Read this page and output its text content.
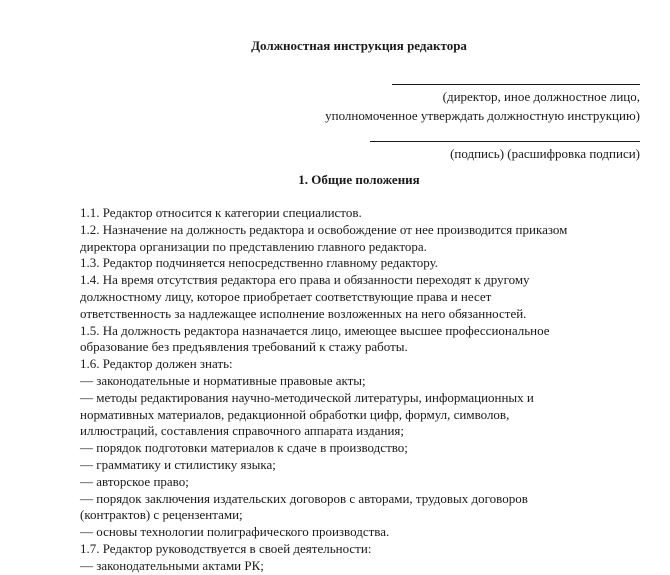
Должностная инструкция редактора
(директор, иное должностное лицо,
уполномоченное утверждать должностную инструкцию)
(подпись) (расшифровка подписи)
1. Общие положения
1.1. Редактор относится к категории специалистов.
1.2. Назначение на должность редактора и освобождение от нее производится приказом
директора организации по представлению главного редактора.
1.3. Редактор подчиняется непосредственно главному редактору.
1.4. На время отсутствия редактора его права и обязанности переходят к другому
должностному лицу, которое приобретает соответствующие права и несет
ответственность за надлежащее исполнение возложенных на него обязанностей.
1.5. На должность редактора назначается лицо, имеющее высшее профессиональное
образование без предъявления требований к стажу работы.
1.6. Редактор должен знать:
— законодательные и нормативные правовые акты;
— методы редактирования научно-методической литературы, информационных и
нормативных материалов, редакционной обработки цифр, формул, символов,
иллюстраций, составления справочного аппарата издания;
— порядок подготовки материалов к сдаче в производство;
— грамматику и стилистику языка;
— авторское право;
— порядок заключения издательских договоров с авторами, трудовых договоров
(контрактов) с рецензентами;
— основы технологии полиграфического производства.
1.7. Редактор руководствуется в своей деятельности:
— законодательными актами РК;
